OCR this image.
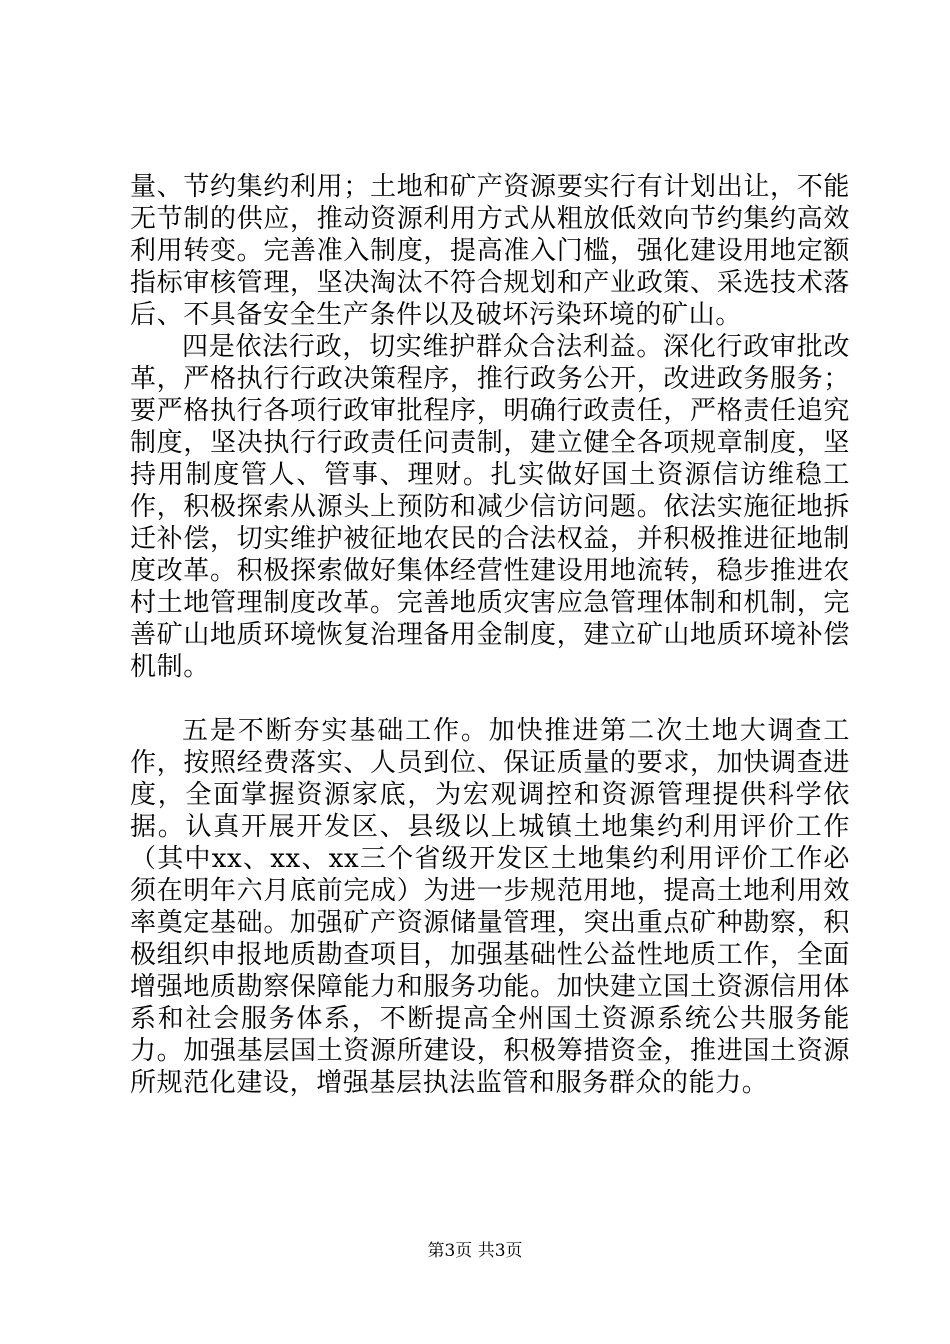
量、节约集约利用；土地和矿产资源要实行有计划出让，不能无节制的供应，推动资源利用方式从粗放低效向节约集约高效利用转变。完善准入制度，提高准入门槛，强化建设用地定额指标审核管理，坚决淘汰不符合规划和产业政策、采选技术落后、不具备安全生产条件以及破坏污染环境的矿山。

四是依法行政，切实维护群众合法利益。深化行政审批改革，严格执行行政决策程序，推行政务公开，改进政务服务；要严格执行各项行政审批程序，明确行政责任，严格责任追究制度，坚决执行行政责任问责制，建立健全各项规章制度，坚持用制度管人、管事、理财。扎实做好国土资源信访维稳工作，积极探索从源头上预防和减少信访问题。依法实施征地拆迁补偿，切实维护被征地农民的合法权益，并积极推进征地制度改革。积极探索做好集体经营性建设用地流转，稳步推进农村土地管理制度改革。完善地质灾害应急管理体制和机制，完善矿山地质环境恢复治理备用金制度，建立矿山地质环境补偿机制。

五是不断夯实基础工作。加快推进第二次土地大调查工作，按照经费落实、人员到位、保证质量的要求，加快调查进度，全面掌握资源家底，为宏观调控和资源管理提供科学依据。认真开展开发区、县级以上城镇土地集约利用评价工作（其中xx、xx、xx三个省级开发区土地集约利用评价工作必须在明年六月底前完成）为进一步规范用地，提高土地利用效率奠定基础。加强矿产资源储量管理，突出重点矿种勘察，积极组织申报地质勘查项目，加强基础性公益性地质工作，全面增强地质勘察保障能力和服务功能。加快建立国土资源信用体系和社会服务体系，不断提高全州国土资源系统公共服务能力。加强基层国土资源所建设，积极筹措资金，推进国土资源所规范化建设，增强基层执法监管和服务群众的能力。

第3页 共3页
